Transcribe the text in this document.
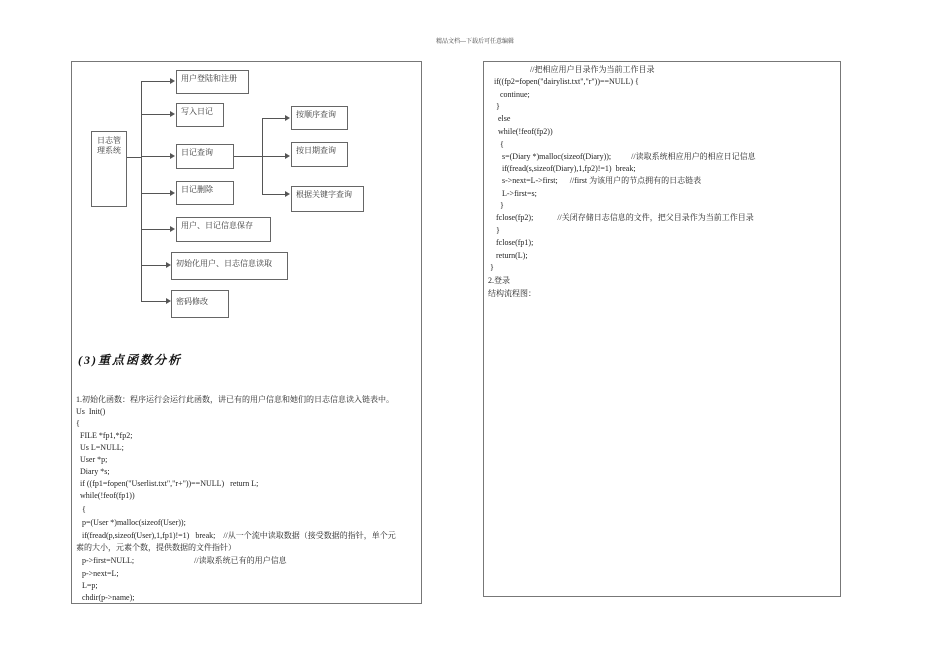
精品文档---下载后可任意编辑
日志管理系统
用户登陆和注册
写入日记
日记查询
日记删除
用户、日记信息保存
初始化用户、日志信息读取
密码修改
按顺序查询
按日期查询
根据关键字查询
(3)重点函数分析
1.初始化函数：程序运行会运行此函数，讲已有的用户信息和她们的日志信息读入链表中。
Us  Init()
{
FILE *fp1,*fp2;
Us L=NULL;
User *p;
Diary *s;
if ((fp1=fopen("Userlist.txt","r+"))==NULL)   return L;
while(!feof(fp1))
{
p=(User *)malloc(sizeof(User));
if(fread(p,sizeof(User),1,fp1)!=1)   break;    //从一个流中读取数据（接受数据的指针，单个元
素的大小，元素个数，提供数据的文件指针）
p->first=NULL;                              //读取系统已有的用户信息
p->next=L;
L=p;
chdir(p->name);
//把相应用户目录作为当前工作目录
if((fp2=fopen("dairylist.txt","r"))==NULL) {
continue;
}
else
while(!feof(fp2))
{
s=(Diary *)malloc(sizeof(Diary));          //读取系统相应用户的相应日记信息
if(fread(s,sizeof(Diary),1,fp2)!=1)  break;
s->next=L->first;      //first 为该用户的节点拥有的日志链表
L->first=s;
}
fclose(fp2);            //关闭存储日志信息的文件，把父目录作为当前工作目录
}
fclose(fp1);
return(L);
}
2.登录
结构流程图：
